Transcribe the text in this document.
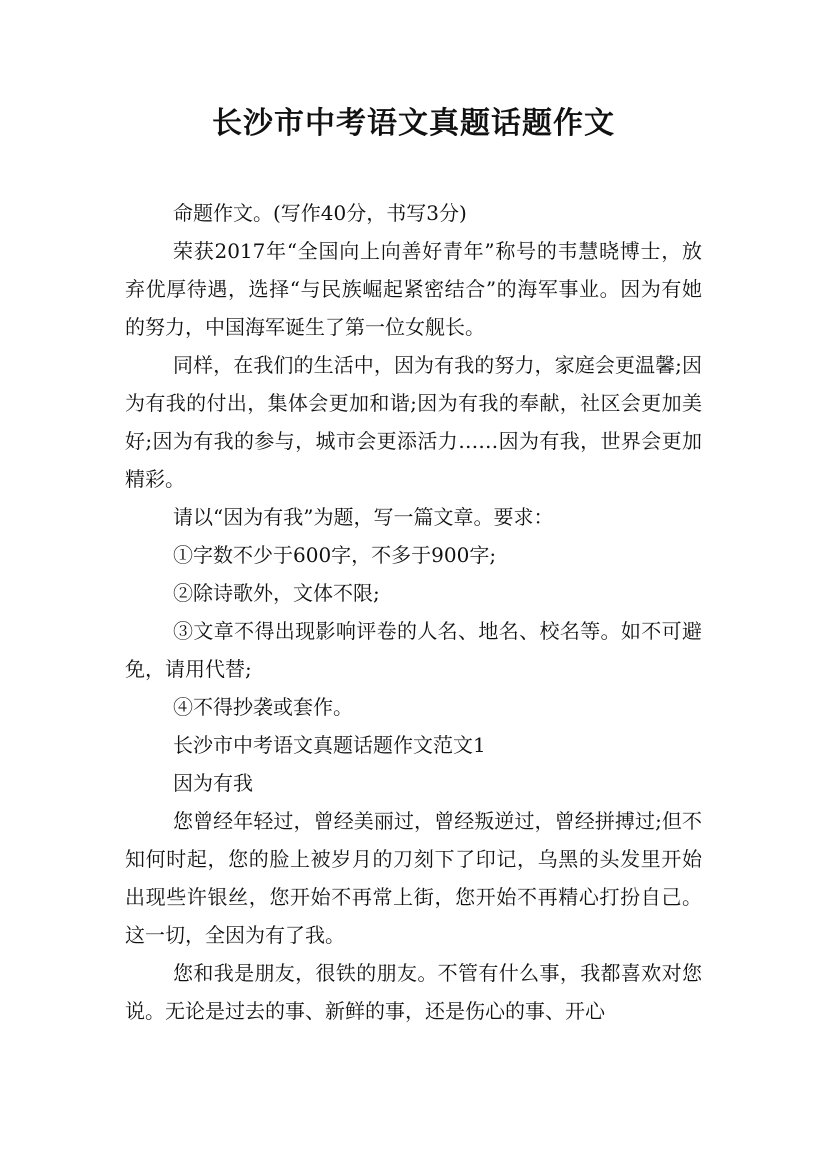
长沙市中考语文真题话题作文

命题作文。(写作40分，书写3分)

荣获2017年“全国向上向善好青年”称号的韦慧晓博士，放弃优厚待遇，选择“与民族崛起紧密结合”的海军事业。因为有她的努力，中国海军诞生了第一位女舰长。

同样，在我们的生活中，因为有我的努力，家庭会更温馨;因为有我的付出，集体会更加和谐;因为有我的奉献，社区会更加美好;因为有我的参与，城市会更添活力……因为有我，世界会更加精彩。

请以“因为有我”为题，写一篇文章。要求：

①字数不少于600字，不多于900字;

②除诗歌外，文体不限;

③文章不得出现影响评卷的人名、地名、校名等。如不可避免，请用代替;

④不得抄袭或套作。

长沙市中考语文真题话题作文范文1

因为有我

您曾经年轻过，曾经美丽过，曾经叛逆过，曾经拼搏过;但不知何时起，您的脸上被岁月的刀刻下了印记，乌黑的头发里开始出现些许银丝，您开始不再常上街，您开始不再精心打扮自己。这一切，全因为有了我。

您和我是朋友，很铁的朋友。不管有什么事，我都喜欢对您说。无论是过去的事、新鲜的事，还是伤心的事、开心
